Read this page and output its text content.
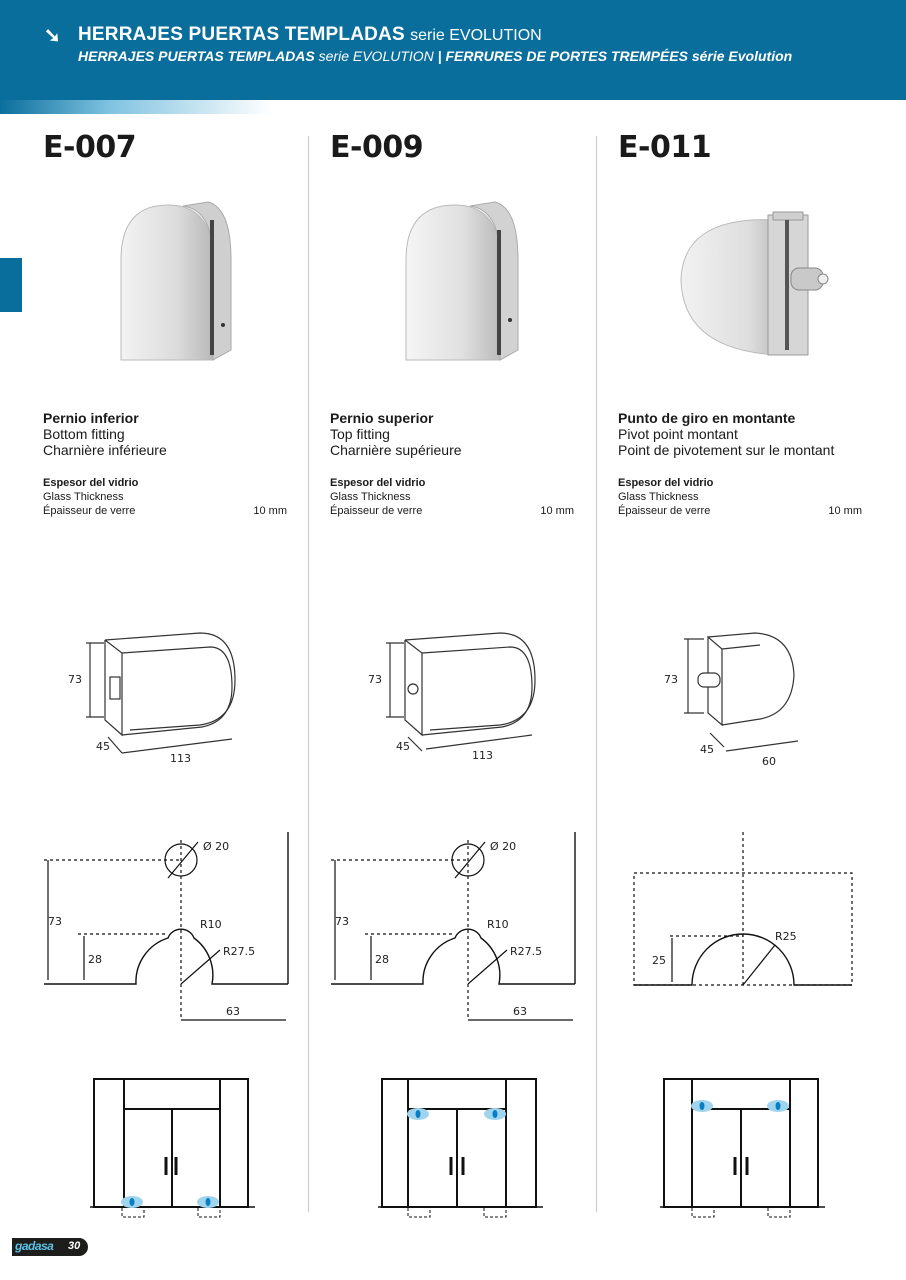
➘ HERRAJES PUERTAS TEMPLADAS serie EVOLUTION
HERRAJES PUERTAS TEMPLADAS serie EVOLUTION | FERRURES DE PORTES TREMPÉES série Evolution
E-007
Pernio inferior
Bottom fitting
Charnière inférieure
Espesor del vidrio
Glass Thickness
Épaisseur de verre	10 mm
E-009
Pernio superior
Top fitting
Charnière supérieure
Espesor del vidrio
Glass Thickness
Épaisseur de verre	10 mm
E-011
Punto de giro en montante
Pivot point montant
Point de pivotement sur le montant
Espesor del vidrio
Glass Thickness
Épaisseur de verre	10 mm
73
45
113
73
45
113
73
45
60
Ø 20
73
28
R10
R27.5
63
Ø 20
73
28
R10
R27.5
63
R25
25
gadasa 30
